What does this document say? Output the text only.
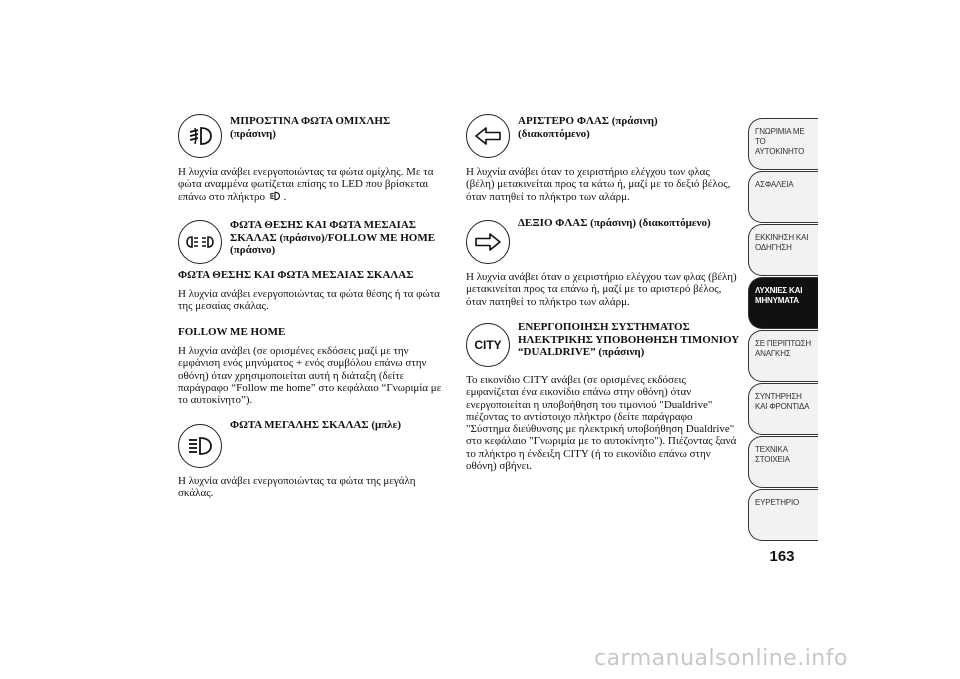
ΜΠΡΟΣΤΙΝΑ ΦΩΤΑ ΟΜΙΧΛΗΣ (πράσινη)
Η λυχνία ανάβει ενεργοποιώντας τα φώτα ομίχλης. Με τα φώτα αναμμένα φωτίζεται επίσης το LED που βρίσκεται επάνω στο πλήκτρο .
ΦΩΤΑ ΘΕΣΗΣ ΚΑΙ ΦΩΤΑ ΜΕΣΑΙΑΣ ΣΚΑΛΑΣ (πράσινο)/FOLLOW ME HOME (πράσινο)
ΦΩΤΑ ΘΕΣΗΣ ΚΑΙ ΦΩΤΑ ΜΕΣΑΙΑΣ ΣΚΑΛΑΣ
Η λυχνία ανάβει ενεργοποιώντας τα φώτα θέσης ή τα φώτα της μεσαίας σκάλας.
FOLLOW ME HOME
Η λυχνία ανάβει (σε ορισμένες εκδόσεις μαζί με την εμφάνιση ενός μηνύματος + ενός συμβόλου επάνω στην οθόνη) όταν χρησιμοποιείται αυτή η διάταξη (δείτε παράγραφο “Follow me home” στο κεφάλαιο “Γνωριμία με το αυτοκίνητο”).
ΦΩΤΑ ΜΕΓΑΛΗΣ ΣΚΑΛΑΣ (μπλε)
Η λυχνία ανάβει ενεργοποιώντας τα φώτα της μεγάλη σκάλας.
ΑΡΙΣΤΕΡΟ ΦΛΑΣ (πράσινη) (διακοπτόμενο)
Η λυχνία ανάβει όταν το χειριστήριο ελέγχου των φλας (βέλη) μετακινείται προς τα κάτω ή, μαζί με το δεξιό βέλος, όταν πατηθεί το πλήκτρο των αλάρμ.
ΔΕΞΙΟ ΦΛΑΣ (πράσινη) (διακοπτόμενο)
Η λυχνία ανάβει όταν ο χειριστήριο ελέγχου των φλας (βέλη) μετακινείται προς τα επάνω ή, μαζί με το αριστερό βέλος, όταν πατηθεί το πλήκτρο των αλάρμ.
CITY
ΕΝΕΡΓΟΠΟΙΗΣΗ ΣΥΣΤΗΜΑΤΟΣ ΗΛΕΚΤΡΙΚΗΣ ΥΠΟΒΟΗΘΗΣΗ ΤΙΜΟΝΙΟΥ “DUALDRIVE” (πράσινη)
Το εικονίδιο CITY ανάβει (σε ορισμένες εκδόσεις εμφανίζεται ένα εικονίδιο επάνω στην οθόνη) όταν ενεργοποιείται η υποβοήθηση του τιμονιού "Dualdrive" πιέζοντας το αντίστοιχο πλήκτρο (δείτε παράγραφο "Σύστημα διεύθυνσης με ηλεκτρική υποβοήθηση Dualdrive" στο κεφάλαιο "Γνωριμία με το αυτοκίνητο"). Πιέζοντας ξανά το πλήκτρο η ένδειξη CITY (ή το εικονίδιο επάνω στην οθόνη) σβήνει.
ΓΝΩΡΙΜΙΑ ΜΕ ΤΟ ΑΥΤΟΚΙΝΗΤΟ
ΑΣΦΑΛΕΙΑ
ΕΚΚΙΝΗΣΗ ΚΑΙ ΟΔΗΓΗΣΗ
ΛΥΧΝΙΕΣ ΚΑΙ ΜΗΝΥΜΑΤΑ
ΣΕ ΠΕΡΙΠΤΩΣΗ ΑΝΑΓΚΗΣ
ΣΥΝΤΗΡΗΣΗ ΚΑΙ ΦΡΟΝΤΙΔΑ
ΤΕΧΝΙΚΑ ΣΤΟΙΧΕΙΑ
ΕΥΡΕΤΗΡΙΟ
163
carmanualsonline.info
